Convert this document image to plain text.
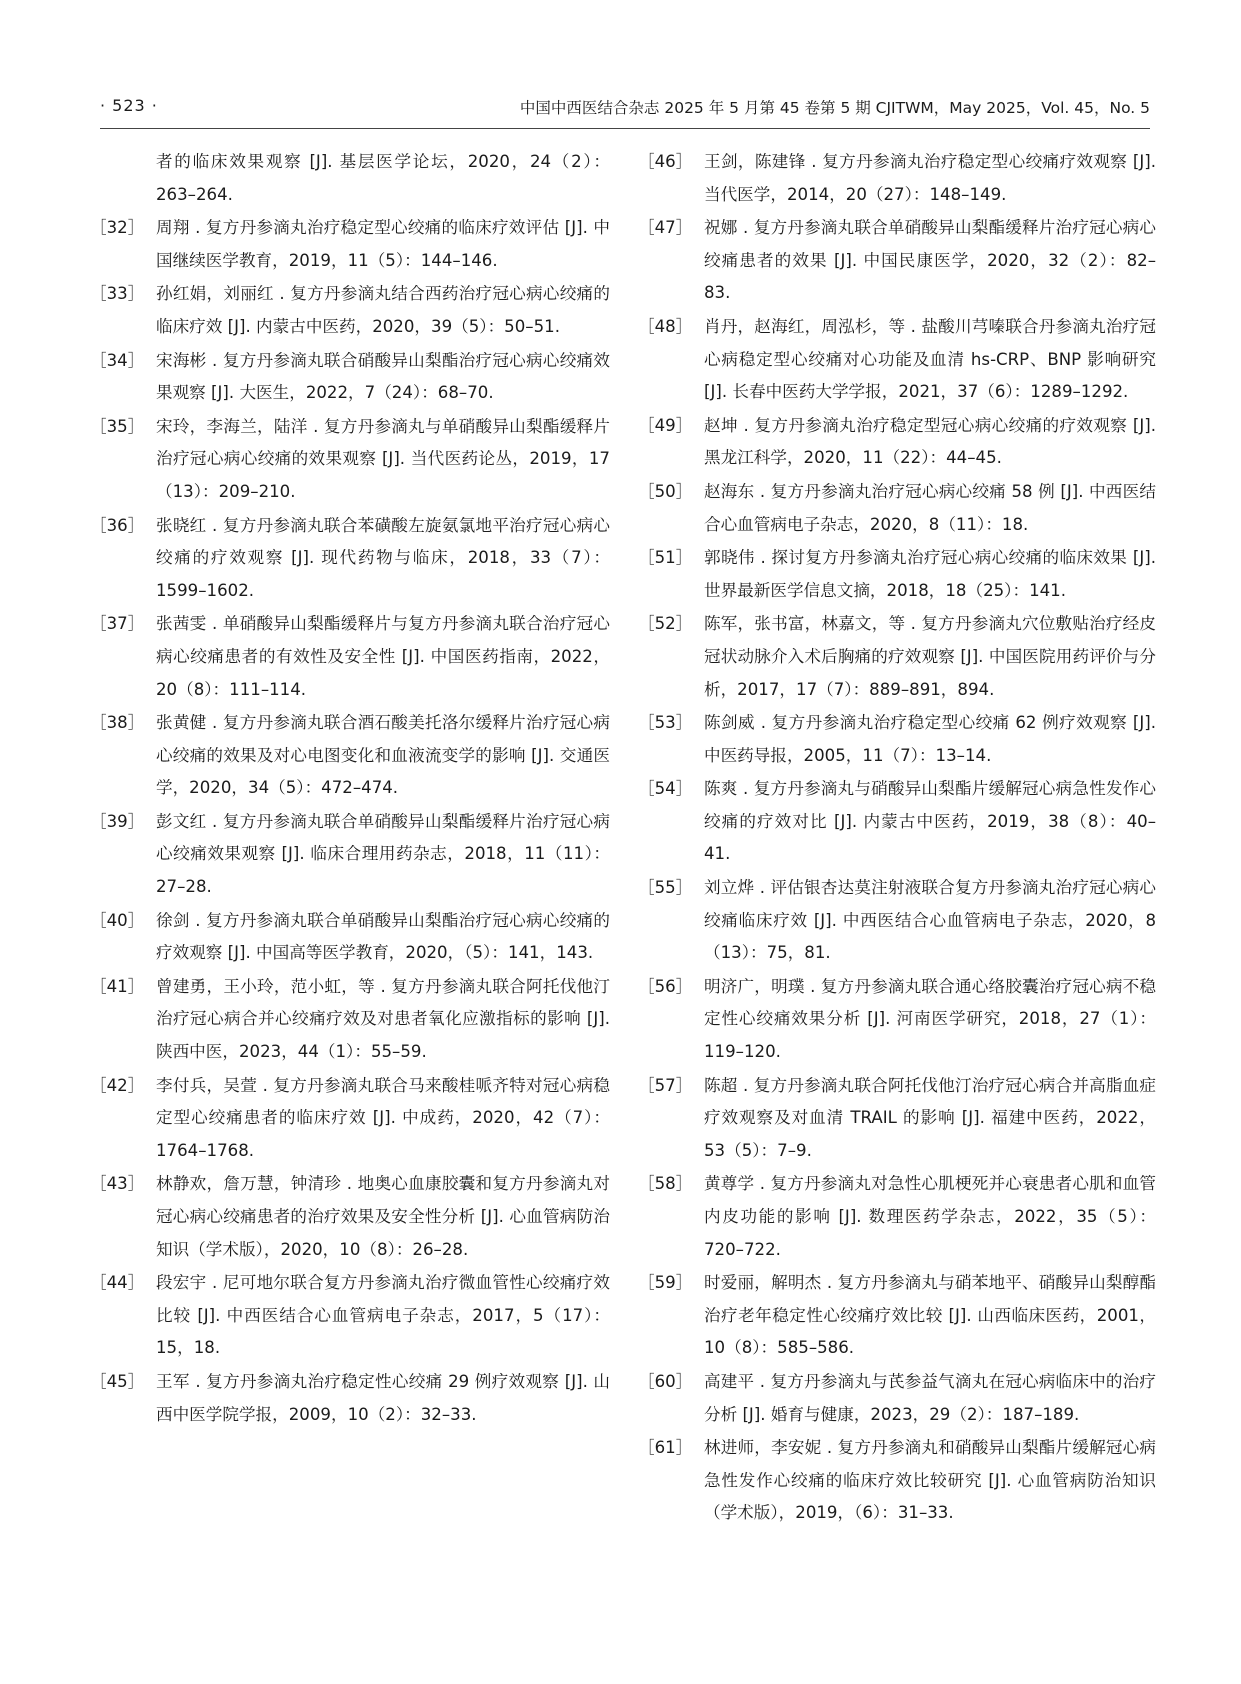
· 523 ·	中国中西医结合杂志 2025 年 5 月第 45 卷第 5 期 CJITWM，May 2025，Vol. 45，No. 5
者的临床效果观察 [J]. 基层医学论坛，2020，24（2）：263–264.
［32］ 周翔 . 复方丹参滴丸治疗稳定型心绞痛的临床疗效评估 [J]. 中国继续医学教育，2019，11（5）：144–146.
［33］ 孙红娟，刘丽红 . 复方丹参滴丸结合西药治疗冠心病心绞痛的临床疗效 [J]. 内蒙古中医药，2020，39（5）：50–51.
［34］ 宋海彬 . 复方丹参滴丸联合硝酸异山梨酯治疗冠心病心绞痛效果观察 [J]. 大医生，2022，7（24）：68–70.
［35］ 宋玲，李海兰，陆洋 . 复方丹参滴丸与单硝酸异山梨酯缓释片治疗冠心病心绞痛的效果观察 [J]. 当代医药论丛，2019，17（13）：209–210.
［36］ 张晓红 . 复方丹参滴丸联合苯磺酸左旋氨氯地平治疗冠心病心绞痛的疗效观察 [J]. 现代药物与临床，2018，33（7）：1599–1602.
［37］ 张茜雯 . 单硝酸异山梨酯缓释片与复方丹参滴丸联合治疗冠心病心绞痛患者的有效性及安全性 [J]. 中国医药指南，2022，20（8）：111–114.
［38］ 张黄健 . 复方丹参滴丸联合酒石酸美托洛尔缓释片治疗冠心病心绞痛的效果及对心电图变化和血液流变学的影响 [J]. 交通医学，2020，34（5）：472–474.
［39］ 彭文红 . 复方丹参滴丸联合单硝酸异山梨酯缓释片治疗冠心病心绞痛效果观察 [J]. 临床合理用药杂志，2018，11（11）：27–28.
［40］ 徐剑 . 复方丹参滴丸联合单硝酸异山梨酯治疗冠心病心绞痛的疗效观察 [J]. 中国高等医学教育，2020，（5）：141，143.
［41］ 曾建勇，王小玲，范小虹，等 . 复方丹参滴丸联合阿托伐他汀治疗冠心病合并心绞痛疗效及对患者氧化应激指标的影响 [J]. 陕西中医，2023，44（1）：55–59.
［42］ 李付兵，吴萱 . 复方丹参滴丸联合马来酸桂哌齐特对冠心病稳定型心绞痛患者的临床疗效 [J]. 中成药，2020，42（7）：1764–1768.
［43］ 林静欢，詹万慧，钟清珍 . 地奥心血康胶囊和复方丹参滴丸对冠心病心绞痛患者的治疗效果及安全性分析 [J]. 心血管病防治知识（学术版），2020，10（8）：26–28.
［44］ 段宏宇 . 尼可地尔联合复方丹参滴丸治疗微血管性心绞痛疗效比较 [J]. 中西医结合心血管病电子杂志，2017，5（17）：15，18.
［45］ 王军 . 复方丹参滴丸治疗稳定性心绞痛 29 例疗效观察 [J]. 山西中医学院学报，2009，10（2）：32–33.
［46］ 王剑，陈建锋 . 复方丹参滴丸治疗稳定型心绞痛疗效观察 [J]. 当代医学，2014，20（27）：148–149.
［47］ 祝娜 . 复方丹参滴丸联合单硝酸异山梨酯缓释片治疗冠心病心绞痛患者的效果 [J]. 中国民康医学，2020，32（2）：82–83.
［48］ 肖丹，赵海红，周泓杉，等 . 盐酸川芎嗪联合丹参滴丸治疗冠心病稳定型心绞痛对心功能及血清 hs-CRP、BNP 影响研究 [J]. 长春中医药大学学报，2021，37（6）：1289–1292.
［49］ 赵坤 . 复方丹参滴丸治疗稳定型冠心病心绞痛的疗效观察 [J]. 黑龙江科学，2020，11（22）：44–45.
［50］ 赵海东 . 复方丹参滴丸治疗冠心病心绞痛 58 例 [J]. 中西医结合心血管病电子杂志，2020，8（11）：18.
［51］ 郭晓伟 . 探讨复方丹参滴丸治疗冠心病心绞痛的临床效果 [J]. 世界最新医学信息文摘，2018，18（25）：141.
［52］ 陈军，张书富，林嘉文，等 . 复方丹参滴丸穴位敷贴治疗经皮冠状动脉介入术后胸痛的疗效观察 [J]. 中国医院用药评价与分析，2017，17（7）：889–891，894.
［53］ 陈剑威 . 复方丹参滴丸治疗稳定型心绞痛 62 例疗效观察 [J]. 中医药导报，2005，11（7）：13–14.
［54］ 陈爽 . 复方丹参滴丸与硝酸异山梨酯片缓解冠心病急性发作心绞痛的疗效对比 [J]. 内蒙古中医药，2019，38（8）：40–41.
［55］ 刘立烨 . 评估银杏达莫注射液联合复方丹参滴丸治疗冠心病心绞痛临床疗效 [J]. 中西医结合心血管病电子杂志，2020，8（13）：75，81.
［56］ 明济广，明璞 . 复方丹参滴丸联合通心络胶囊治疗冠心病不稳定性心绞痛效果分析 [J]. 河南医学研究，2018，27（1）：119–120.
［57］ 陈超 . 复方丹参滴丸联合阿托伐他汀治疗冠心病合并高脂血症疗效观察及对血清 TRAIL 的影响 [J]. 福建中医药，2022，53（5）：7–9.
［58］ 黄尊学 . 复方丹参滴丸对急性心肌梗死并心衰患者心肌和血管内皮功能的影响 [J]. 数理医药学杂志，2022，35（5）：720–722.
［59］ 时爱丽，解明杰 . 复方丹参滴丸与硝苯地平、硝酸异山梨醇酯治疗老年稳定性心绞痛疗效比较 [J]. 山西临床医药，2001，10（8）：585–586.
［60］ 高建平 . 复方丹参滴丸与芪参益气滴丸在冠心病临床中的治疗分析 [J]. 婚育与健康，2023，29（2）：187–189.
［61］ 林进师，李安妮 . 复方丹参滴丸和硝酸异山梨酯片缓解冠心病急性发作心绞痛的临床疗效比较研究 [J]. 心血管病防治知识（学术版），2019，（6）：31–33.
